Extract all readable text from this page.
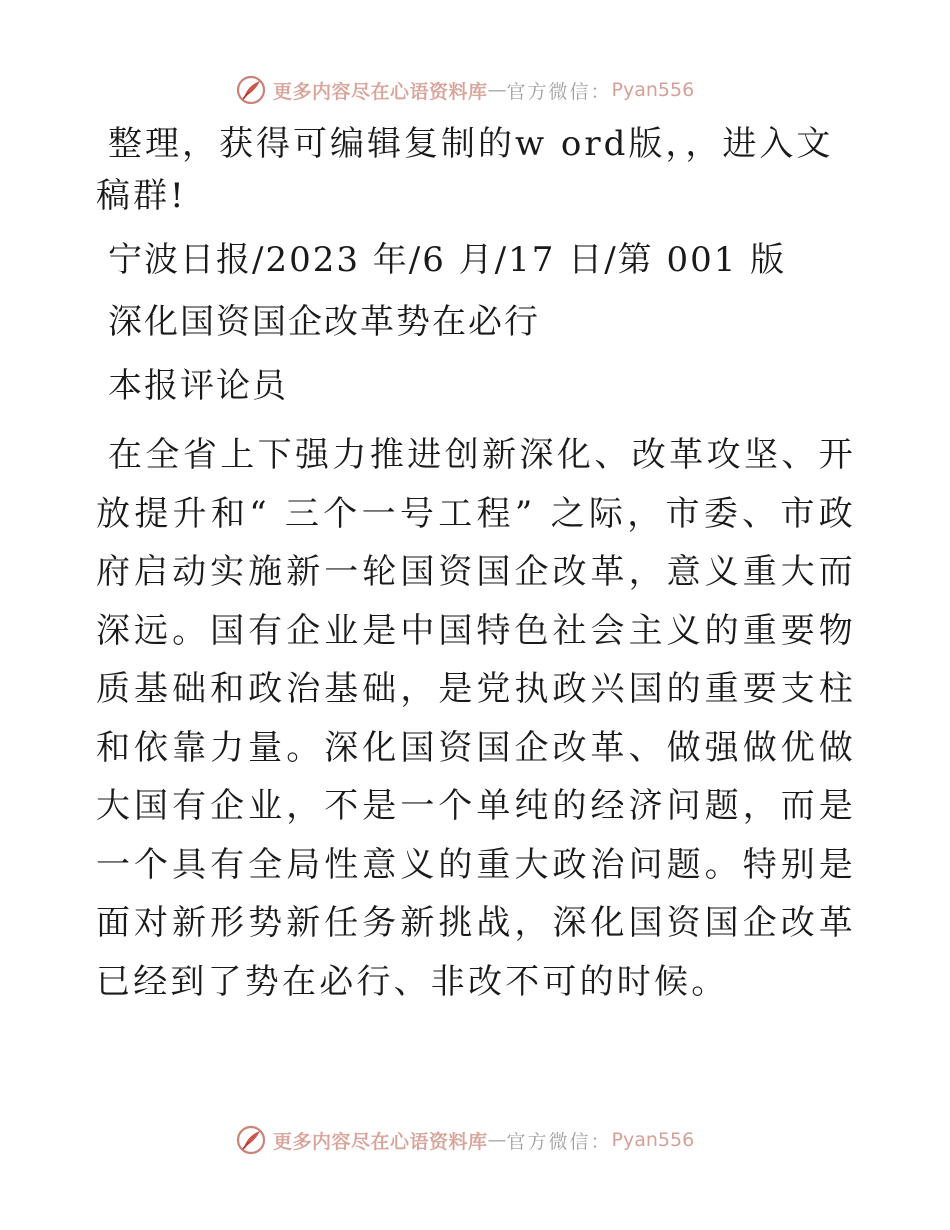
更多内容尽在心语资料库 — 官方微信： Pyan556

整理，获得可编辑复制的w ord版，，进入文稿群!

宁波日报/2023 年/6 月/17 日/第 001 版

深化国资国企改革势在必行

本报评论员

在全省上下强力推进创新深化、改革攻坚、开放提升和“ 三个一号工程” 之际，市委、市政府启动实施新一轮国资国企改革，意义重大而深远。国有企业是中国特色社会主义的重要物质基础和政治基础，是党执政兴国的重要支柱和依靠力量。深化国资国企改革、做强做优做大国有企业，不是一个单纯的经济问题，而是一个具有全局性意义的重大政治问题。特别是面对新形势新任务新挑战，深化国资国企改革已经到了势在必行、非改不可的时候。

更多内容尽在心语资料库 — 官方微信： Pyan556
